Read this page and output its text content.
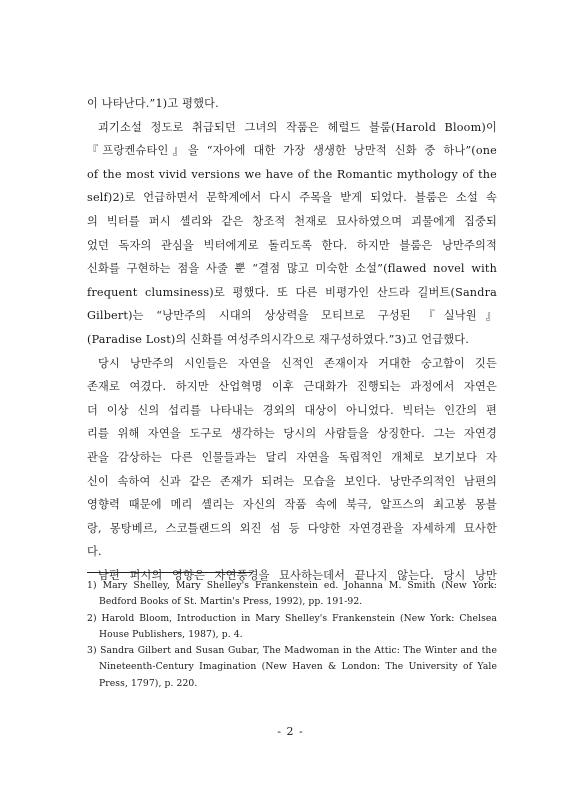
이 나타난다.”1)고 평했다.
괴기소설 정도로 취급되던 그녀의 작품은 헤럴드 블룸(Harold Bloom)이
『프랑켄슈타인』을 “자아에 대한 가장 생생한 낭만적 신화 중 하나”(one
of the most vivid versions we have of the Romantic mythology of the
self)2)로 언급하면서 문학계에서 다시 주목을 받게 되었다. 블룸은 소설 속
의 빅터를 퍼시 셸리와 같은 창조적 천재로 묘사하였으며 괴물에게 집중되
었던 독자의 관심을 빅터에게로 돌리도록 한다. 하지만 블룸은 낭만주의적
신화를 구현하는 점을 사줄 뿐 “결점 많고 미숙한 소설”(flawed novel with
frequent clumsiness)로 평했다. 또 다른 비평가인 산드라 길버트(Sandra
Gilbert)는 “낭만주의 시대의 상상력을 모티브로 구성된 『실낙원』
(Paradise Lost)의 신화를 여성주의시각으로 재구성하였다.”3)고 언급했다.
당시 낭만주의 시인들은 자연을 신적인 존재이자 거대한 숭고함이 깃든
존재로 여겼다. 하지만 산업혁명 이후 근대화가 진행되는 과정에서 자연은
더 이상 신의 섭리를 나타내는 경외의 대상이 아니었다. 빅터는 인간의 편
리를 위해 자연을 도구로 생각하는 당시의 사람들을 상징한다. 그는 자연경
관을 감상하는 다른 인물들과는 달리 자연을 독립적인 개체로 보기보다 자
신이 속하여 신과 같은 존재가 되려는 모습을 보인다. 낭만주의적인 남편의
영향력 때문에 메리 셸리는 자신의 작품 속에 북극, 알프스의 최고봉 몽블
랑, 몽탕베르, 스코틀랜드의 외진 섬 등 다양한 자연경관을 자세하게 묘사한
다.
남편 퍼시의 영향은 자연풍경을 묘사하는데서 끝나지 않는다. 당시 낭만
1) Mary Shelley, Mary Shelley's Frankenstein ed. Johanna M. Smith (New York:
Bedford Books of St. Martin's Press, 1992), pp. 191-92.
2) Harold Bloom, Introduction in Mary Shelley's Frankenstein (New York: Chelsea
House Publishers, 1987), p. 4.
3) Sandra Gilbert and Susan Gubar, The Madwoman in the Attic: The Winter and the
Nineteenth-Century Imagination (New Haven & London: The University of Yale
Press, 1797), p. 220.
- 2 -
